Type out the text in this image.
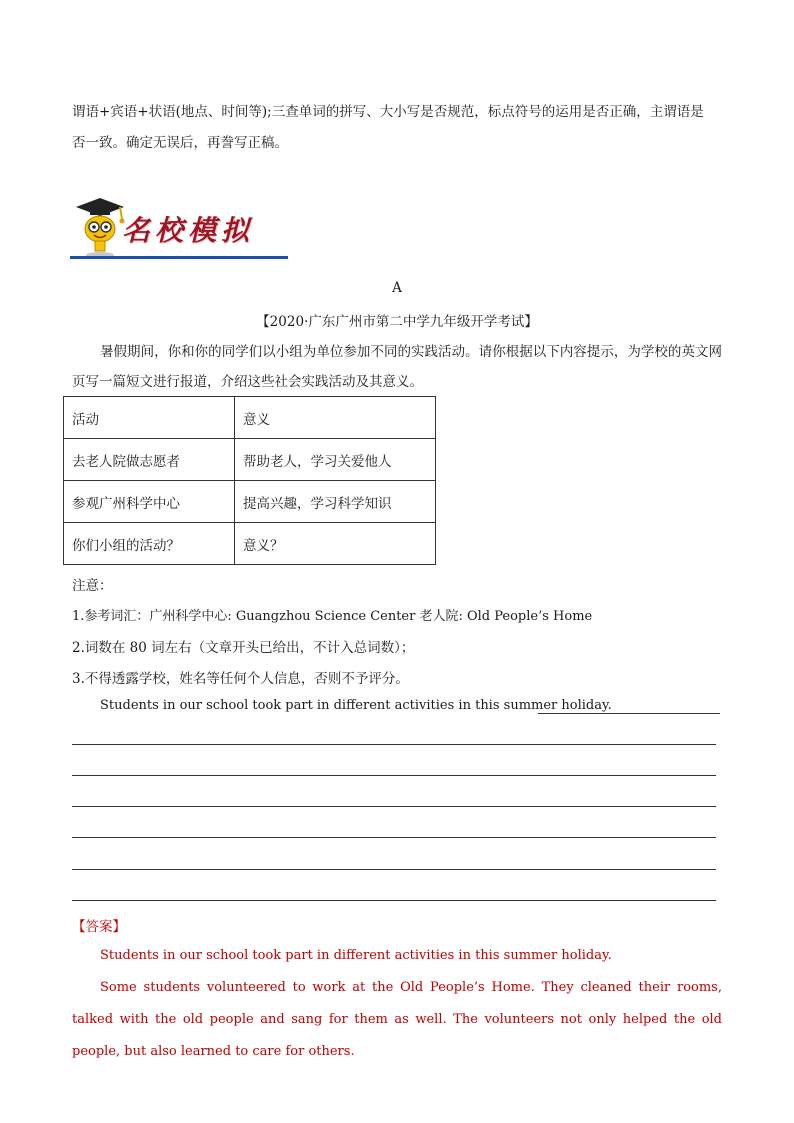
谓语+宾语+状语(地点、时间等);三查单词的拼写、大小写是否规范，标点符号的运用是否正确，主谓语是

否一致。确定无误后，再誊写正稿。

名校模拟

A

【2020·广东广州市第二中学九年级开学考试】

暑假期间，你和你的同学们以小组为单位参加不同的实践活动。请你根据以下内容提示，为学校的英文网页写一篇短文进行报道，介绍这些社会实践活动及其意义。

活动	意义
去老人院做志愿者	帮助老人，学习关爱他人
参观广州科学中心	提高兴趣，学习科学知识
你们小组的活动？	意义？

注意：

1.参考词汇：广州科学中心: Guangzhou Science Center 老人院: Old People’s Home

2.词数在 80 词左右（文章开头已给出，不计入总词数）；

3.不得透露学校，姓名等任何个人信息，否则不予评分。

Students in our school took part in different activities in this summer holiday.

【答案】

Students in our school took part in different activities in this summer holiday.

Some students volunteered to work at the Old People’s Home. They cleaned their rooms, talked with the old people and sang for them as well. The volunteers not only helped the old people, but also learned to care for others.
